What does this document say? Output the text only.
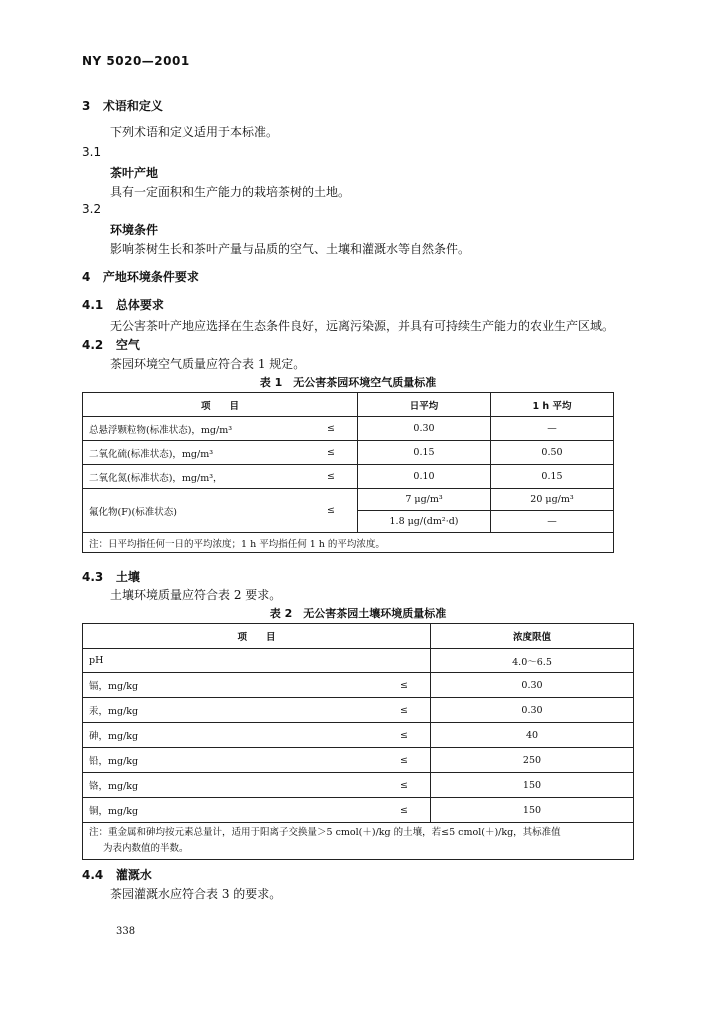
NY 5020—2001
3 术语和定义
下列术语和定义适用于本标准。
3.1
茶叶产地
具有一定面积和生产能力的栽培茶树的土地。
3.2
环境条件
影响茶树生长和茶叶产量与品质的空气、土壤和灌溉水等自然条件。
4 产地环境条件要求
4.1 总体要求
无公害茶叶产地应选择在生态条件良好，远离污染源，并具有可持续生产能力的农业生产区域。
4.2 空气
茶园环境空气质量应符合表 1 规定。
表 1　无公害茶园环境空气质量标准
项　　目		日平均	1 h 平均
总悬浮颗粒物(标准状态)，mg/m³	≤	0.30	—
二氧化硫(标准状态)，mg/m³	≤	0.15	0.50
二氧化氮(标准状态)，mg/m³，	≤	0.10	0.15
氟化物(F)(标准状态)	≤	7 μg/m³	20 μg/m³
		1.8 μg/(dm²·d)	—
注：日平均指任何一日的平均浓度；1 h 平均指任何 1 h 的平均浓度。			
4.3 土壤
土壤环境质量应符合表 2 要求。
表 2　无公害茶园土壤环境质量标准
项　　目		浓度限值
pH		4.0～6.5
镉，mg/kg	≤	0.30
汞，mg/kg	≤	0.30
砷，mg/kg	≤	40
铅，mg/kg	≤	250
铬，mg/kg	≤	150
铜，mg/kg	≤	150

注：重金属和砷均按元素总量计，适用于阳离子交换量＞5 cmol(＋)/kg 的土壤，若≤5 cmol(＋)/kg，其标准值
为表内数值的半数。		
4.4 灌溉水
茶园灌溉水应符合表 3 的要求。
338
